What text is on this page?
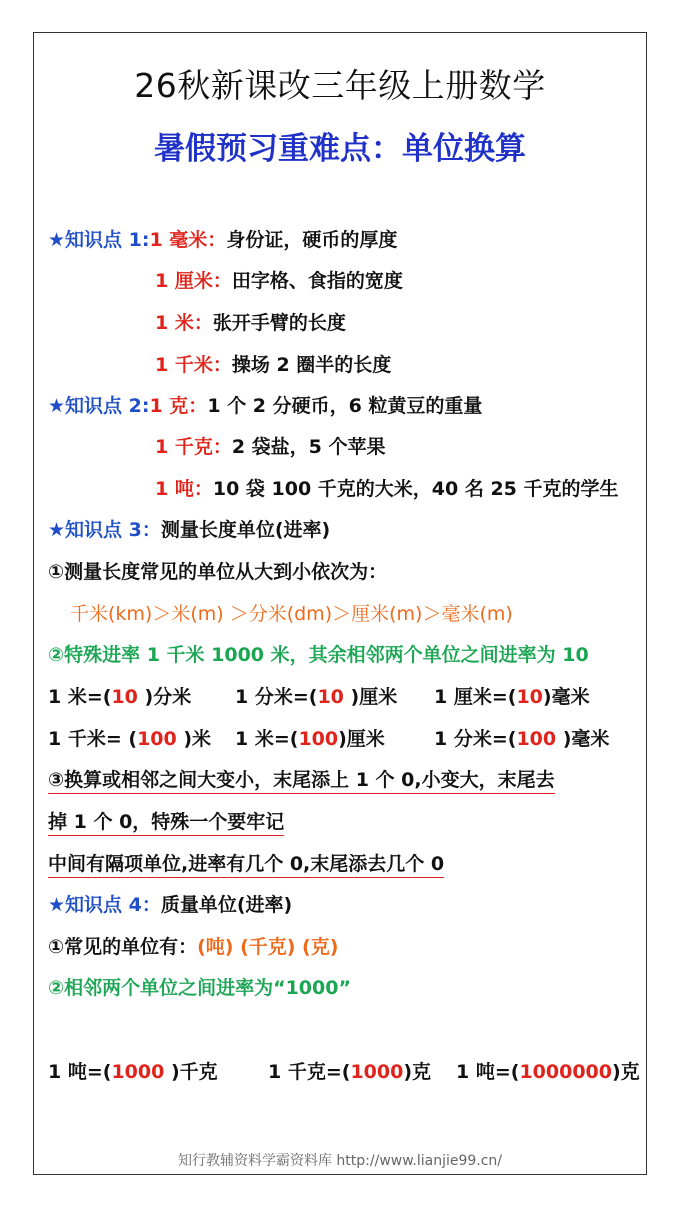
26秋新课改三年级上册数学
暑假预习重难点：单位换算
★知识点 1:1 毫米：身份证，硬币的厚度
1 厘米：田字格、食指的宽度
1 米：张开手臂的长度
1 千米：操场 2 圈半的长度
★知识点 2:1 克：1 个 2 分硬币，6 粒黄豆的重量
1 千克：2 袋盐，5 个苹果
1 吨：10 袋 100 千克的大米，40 名 25 千克的学生
★知识点 3：测量长度单位(进率)
①测量长度常见的单位从大到小依次为：
千米(km)＞米(m) ＞分米(dm)＞厘米(m)＞毫米(m)
②特殊进率 1 千米 1000 米，其余相邻两个单位之间进率为 10
1 米=(10 )分米 1 分米=(10 )厘米 1 厘米=(10)毫米
1 千米= (100 )米 1 米=(100)厘米	1 分米=(100 )毫米
③换算或相邻之间大变小，末尾添上 1 个 0,小变大，末尾去
掉 1 个 0，特殊一个要牢记
中间有隔项单位,进率有几个 0,末尾添去几个 0
★知识点 4：质量单位(进率)
①常见的单位有：(吨) (千克) (克)
②相邻两个单位之间进率为“1000”
1 吨=(1000 )千克	1 千克=(1000)克 1 吨=(1000000)克
知行教辅资料学霸资料库 http://www.lianjie99.cn/
